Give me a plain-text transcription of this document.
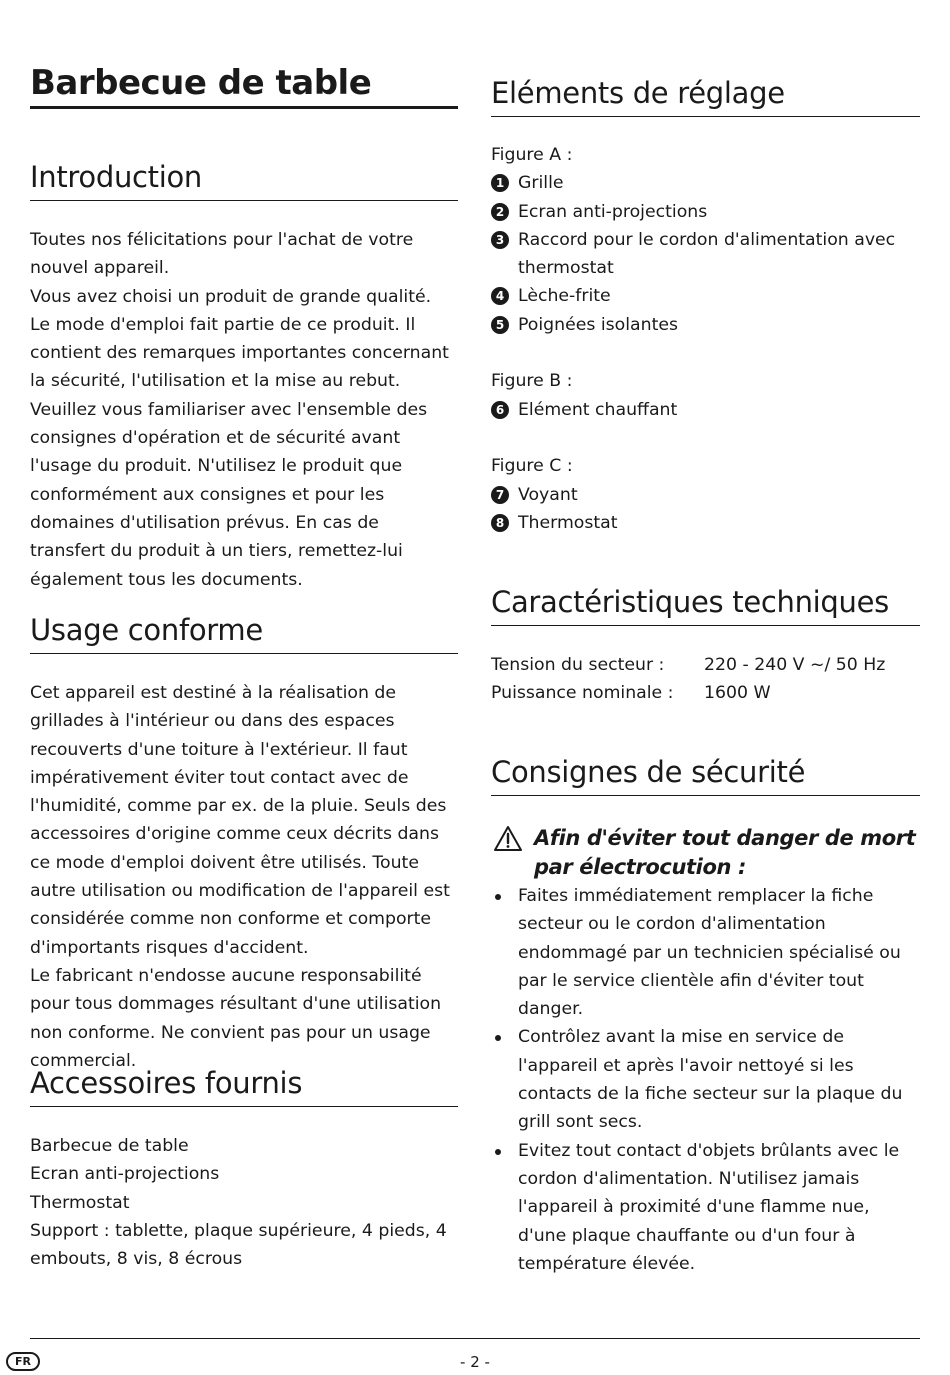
Barbecue de table
Introduction

Toutes nos félicitations pour l'achat de votre nouvel appareil.

Vous avez choisi un produit de grande qualité.

Le mode d'emploi fait partie de ce produit. Il contient des remarques importantes concernant la sécurité, l'utilisation et la mise au rebut. Veuillez vous familiariser avec l'ensemble des consignes d'opération et de sécurité avant l'usage du produit. N'utilisez le produit que conformément aux consignes et pour les domaines d'utilisation prévus. En cas de transfert du produit à un tiers, remettez-lui également tous les documents.

Usage conforme

Cet appareil est destiné à la réalisation de grillades à l'intérieur ou dans des espaces recouverts d'une toiture à l'extérieur. Il faut impérativement éviter tout contact avec de l'humidité, comme par ex. de la pluie. Seuls des accessoires d'origine comme ceux décrits dans ce mode d'emploi doivent être utilisés. Toute autre utilisation ou modification de l'appareil est considérée comme non conforme et comporte d'importants risques d'accident.

Le fabricant n'endosse aucune responsabilité pour tous dommages résultant d'une utilisation non conforme. Ne convient pas pour un usage commercial.

Accessoires fournis
Barbecue de table
Ecran anti-projections
Thermostat
Support : tablette, plaque supérieure, 4 pieds, 4 embouts, 8 vis, 8 écrous
Eléments de réglage
Figure A :
1 Grille
2 Ecran anti-projections
3 Raccord pour le cordon d'alimentation avec thermostat
4 Lèche-frite
5 Poignées isolantes
Figure B :
6 Elément chauffant
Figure C :
7 Voyant
8 Thermostat
Caractéristiques techniques
Tension du secteur :	220 - 240 V ~/ 50 Hz
Puissance nominale :	1600 W
Consignes de sécurité
Afin d'éviter tout danger de mort
par électrocution :
Faites immédiatement remplacer la fiche secteur ou le cordon d'alimentation endommagé par un technicien spécialisé ou par le service clientèle afin d'éviter tout danger.
Contrôlez avant la mise en service de l'appareil et après l'avoir nettoyé si les contacts de la fiche secteur sur la plaque du grill sont secs.
Evitez tout contact d'objets brûlants avec le cordon d'alimentation. N'utilisez jamais l'appareil à proximité d'une flamme nue, d'une plaque chauffante ou d'un four à température élevée.
FR	- 2 -
